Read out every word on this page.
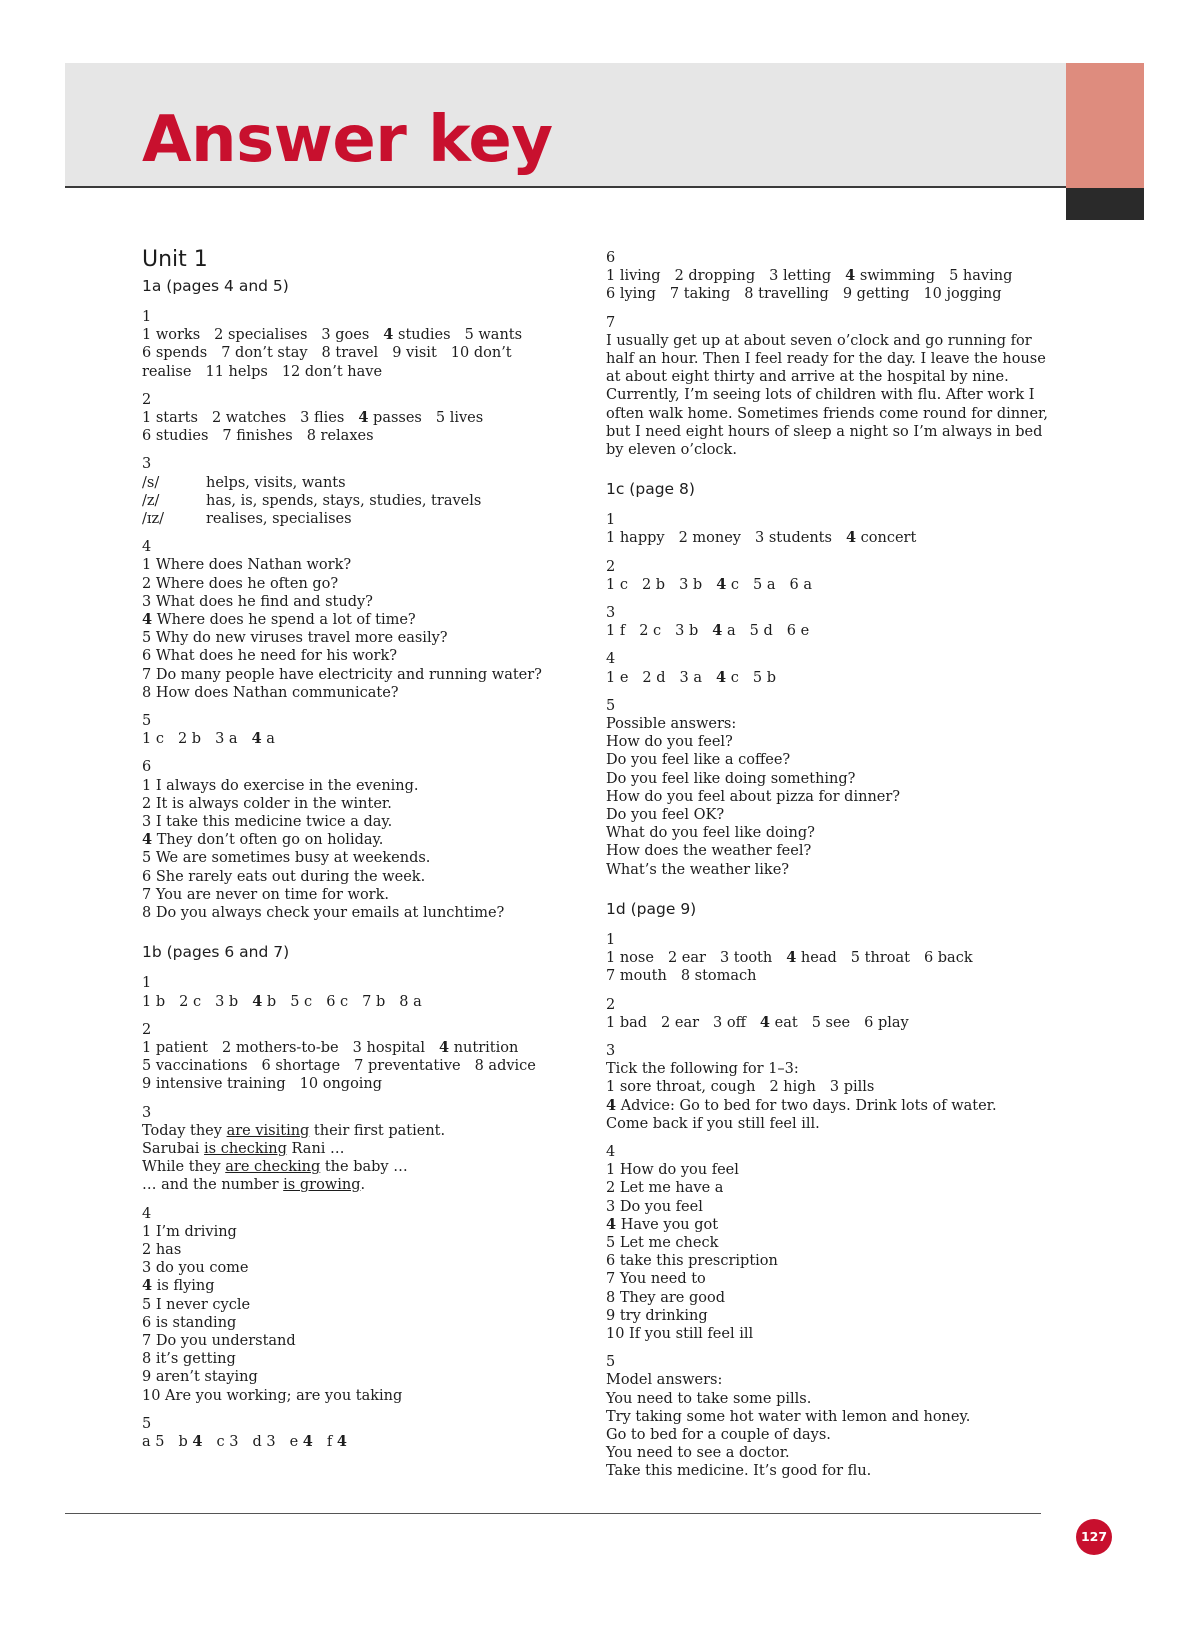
Answer key
Unit 1
1a (pages 4 and 5)
1
1 works 2 specialises 3 goes 4 studies 5 wants
6 spends 7 don’t stay 8 travel 9 visit 10 don’t
realise 11 helps 12 don’t have
2
1 starts 2 watches 3 flies 4 passes 5 lives
6 studies 7 finishes 8 relaxes
3
/s/	helps, visits, wants
/z/	has, is, spends, stays, studies, travels
/ɪz/	realises, specialises
4
1 Where does Nathan work?
2 Where does he often go?
3 What does he find and study?
4 Where does he spend a lot of time?
5 Why do new viruses travel more easily?
6 What does he need for his work?
7 Do many people have electricity and running water?
8 How does Nathan communicate?
5
1 c 2 b 3 a 4 a
6
1 I always do exercise in the evening.
2 It is always colder in the winter.
3 I take this medicine twice a day.
4 They don’t often go on holiday.
5 We are sometimes busy at weekends.
6 She rarely eats out during the week.
7 You are never on time for work.
8 Do you always check your emails at lunchtime?
1b (pages 6 and 7)
1
1 b 2 c 3 b 4 b 5 c 6 c 7 b 8 a
2
1 patient 2 mothers-to-be 3 hospital 4 nutrition
5 vaccinations 6 shortage 7 preventative 8 advice
9 intensive training 10 ongoing
3
Today they are visiting their first patient.
Sarubai is checking Rani …
While they are checking the baby …
… and the number is growing.
4
1 I’m driving
2 has
3 do you come
4 is flying
5 I never cycle
6 is standing
7 Do you understand
8 it’s getting
9 aren’t staying
10 Are you working; are you taking
5
a 5 b 4 c 3 d 3 e 4 f 4
6
1 living 2 dropping 3 letting 4 swimming 5 having
6 lying 7 taking 8 travelling 9 getting 10 jogging
7
I usually get up at about seven o’clock and go running for
half an hour. Then I feel ready for the day. I leave the house
at about eight thirty and arrive at the hospital by nine.
Currently, I’m seeing lots of children with flu. After work I
often walk home. Sometimes friends come round for dinner,
but I need eight hours of sleep a night so I’m always in bed
by eleven o’clock.
1c (page 8)
1
1 happy 2 money 3 students 4 concert
2
1 c 2 b 3 b 4 c 5 a 6 a
3
1 f 2 c 3 b 4 a 5 d 6 e
4
1 e 2 d 3 a 4 c 5 b
5
Possible answers:
How do you feel?
Do you feel like a coffee?
Do you feel like doing something?
How do you feel about pizza for dinner?
Do you feel OK?
What do you feel like doing?
How does the weather feel?
What’s the weather like?
1d (page 9)
1
1 nose 2 ear 3 tooth 4 head 5 throat 6 back
7 mouth 8 stomach
2
1 bad 2 ear 3 off 4 eat 5 see 6 play
3
Tick the following for 1–3:
1 sore throat, cough 2 high 3 pills
4 Advice: Go to bed for two days. Drink lots of water.
Come back if you still feel ill.
4
1 How do you feel
2 Let me have a
3 Do you feel
4 Have you got
5 Let me check
6 take this prescription
7 You need to
8 They are good
9 try drinking
10 If you still feel ill
5
Model answers:
You need to take some pills.
Try taking some hot water with lemon and honey.
Go to bed for a couple of days.
You need to see a doctor.
Take this medicine. It’s good for flu.
127
